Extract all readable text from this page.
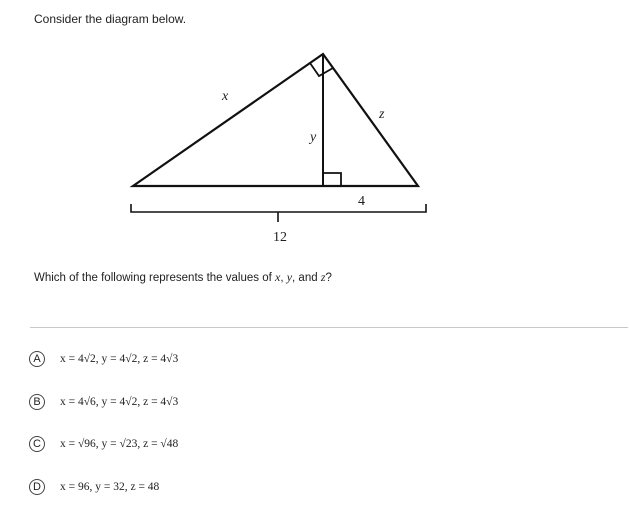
Consider the diagram below.
x
y
z
4
12
Which of the following represents the values of x, y, and z?
A	x = 4√2, y = 4√2, z = 4√3
B	x = 4√6, y = 4√2, z = 4√3
C	x = √96, y = √23, z = √48
D	x = 96, y = 32, z = 48
